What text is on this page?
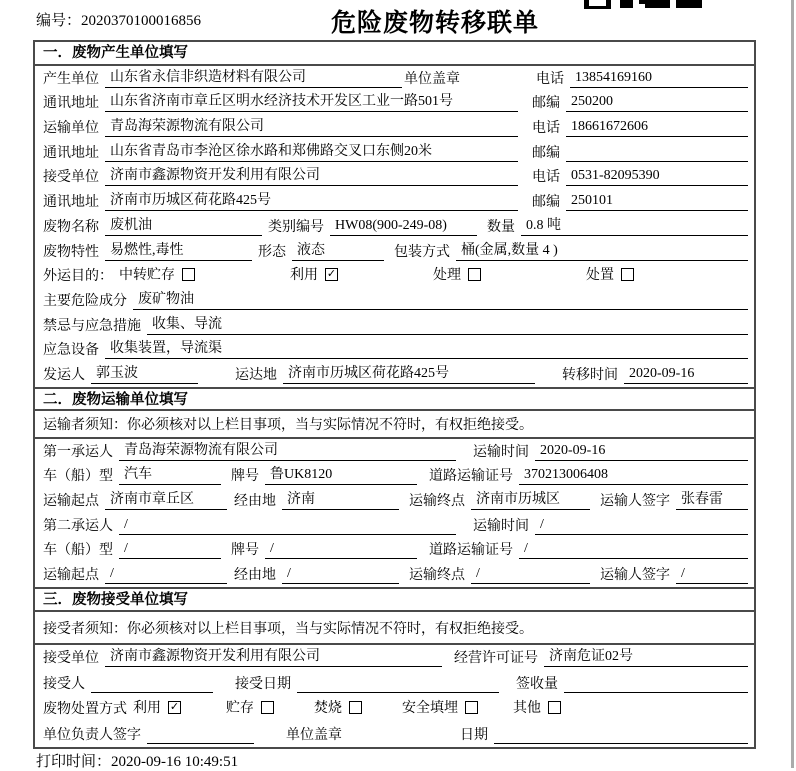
编号：2020370100016856	危险废物转移联单
一．废物产生单位填写
产生单位 山东省永信非织造材料有限公司	单位盖章	电话 13854169160
通讯地址 山东省济南市章丘区明水经济技术开发区工业一路501号	邮编 250200
运输单位 青岛海荣源物流有限公司	电话 18661672606
通讯地址 山东省青岛市李沧区徐水路和郑佛路交叉口东侧20米	邮编
接受单位 济南市鑫源物资开发利用有限公司	电话 0531-82095390
通讯地址 济南市历城区荷花路425号	邮编 250101
废物名称 废机油	类别编号 HW08(900-249-08)	数量 0.8 吨
废物特性 易燃性,毒性	形态 液态	包装方式 桶(金属,数量 4 )
外运目的： 中转贮存	利用 ✓	处理	处置
主要危险成分 废矿物油
禁忌与应急措施 收集、导流
应急设备 收集装置，导流渠
发运人 郭玉波	运达地 济南市历城区荷花路425号	转移时间 2020-09-16
二．废物运输单位填写
运输者须知：你必须核对以上栏目事项，当与实际情况不符时，有权拒绝接受。
第一承运人 青岛海荣源物流有限公司	运输时间 2020-09-16
车（船）型 汽车	牌号 鲁UK8120	道路运输证号 370213006408
运输起点 济南市章丘区	经由地 济南	运输终点 济南市历城区	运输人签字 张春雷
第二承运人 /	运输时间 /
车（船）型 /	牌号 /	道路运输证号 /
运输起点 /	经由地 /	运输终点 /	运输人签字 /
三．废物接受单位填写
接受者须知：你必须核对以上栏目事项，当与实际情况不符时，有权拒绝接受。
接受单位 济南市鑫源物资开发利用有限公司	经营许可证号 济南危证02号
接受人	接受日期	签收量
废物处置方式 利用 ✓	贮存	焚烧	安全填埋	其他
单位负责人签字	单位盖章	日期
打印时间：2020-09-16 10:49:51
